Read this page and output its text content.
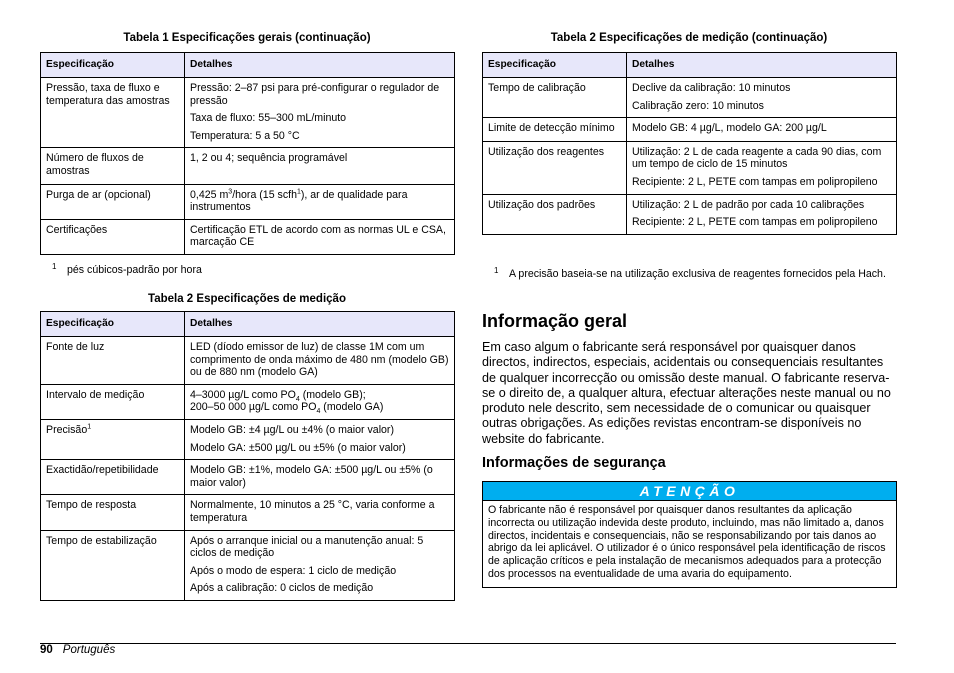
Tabela 1 Especificações gerais (continuação)
Especificação	Detalhes
Pressão, taxa de fluxo e temperatura das amostras	Pressão: 2–87 psi para pré-configurar o regulador de pressão
Taxa de fluxo: 55–300 mL/minuto
Temperatura: 5 a 50 °C

Número de fluxos de amostras	1, 2 ou 4; sequência programável

Purga de ar (opcional)	0,425 $m^3$/hora (15 scfh$^1$), ar de qualidade para instrumentos

Certificações	Certificação ETL de acordo com as normas UL e CSA, marcação CE
1 pés cúbicos-padrão por hora
Tabela 2 Especificações de medição
Especificação	Detalhes
Fonte de luz	LED (díodo emissor de luz) de classe 1M com um comprimento de onda máximo de 480 nm (modelo GB) ou de 880 nm (modelo GA)

Intervalo de medição	4–3000 µg/L como $PO_4$ (modelo GB);
200–50 000 µg/L como $PO_4$ (modelo GA)

Precisão$^1$	Modelo GB: ±4 µg/L ou ±4% (o maior valor)
Modelo GA: ±500 µg/L ou ±5% (o maior valor)

Exactidão/repetibilidade	Modelo GB: ±1%, modelo GA: ±500 µg/L ou ±5% (o maior valor)

Tempo de resposta	Normalmente, 10 minutos a 25 °C, varia conforme a temperatura

Tempo de estabilização	Após o arranque inicial ou a manutenção anual: 5 ciclos de medição
Após o modo de espera: 1 ciclo de medição
Após a calibração: 0 ciclos de medição
Tabela 2 Especificações de medição (continuação)
Especificação	Detalhes
Tempo de calibração	Declive da calibração: 10 minutos
Calibração zero: 10 minutos

Limite de detecção mínimo	Modelo GB: 4 µg/L, modelo GA: 200 µg/L

Utilização dos reagentes	Utilização: 2 L de cada reagente a cada 90 dias, com um tempo de ciclo de 15 minutos
Recipiente: 2 L, PETE com tampas em polipropileno

Utilização dos padrões	Utilização: 2 L de padrão por cada 10 calibrações
Recipiente: 2 L, PETE com tampas em polipropileno
1 A precisão baseia-se na utilização exclusiva de reagentes fornecidos pela Hach.
Informação geral
Em caso algum o fabricante será responsável por quaisquer danos directos, indirectos, especiais, acidentais ou consequenciais resultantes de qualquer incorrecção ou omissão deste manual. O fabricante reserva-se o direito de, a qualquer altura, efectuar alterações neste manual ou no produto nele descrito, sem necessidade de o comunicar ou quaisquer outras obrigações. As edições revistas encontram-se disponíveis no website do fabricante.
Informações de segurança
ATENÇÃO
O fabricante não é responsável por quaisquer danos resultantes da aplicação incorrecta ou utilização indevida deste produto, incluindo, mas não limitado a, danos directos, incidentais e consequenciais, não se responsabilizando por tais danos ao abrigo da lei aplicável. O utilizador é o único responsável pela identificação de riscos de aplicação críticos e pela instalação de mecanismos adequados para a protecção dos processos na eventualidade de uma avaria do equipamento.
90 Português
